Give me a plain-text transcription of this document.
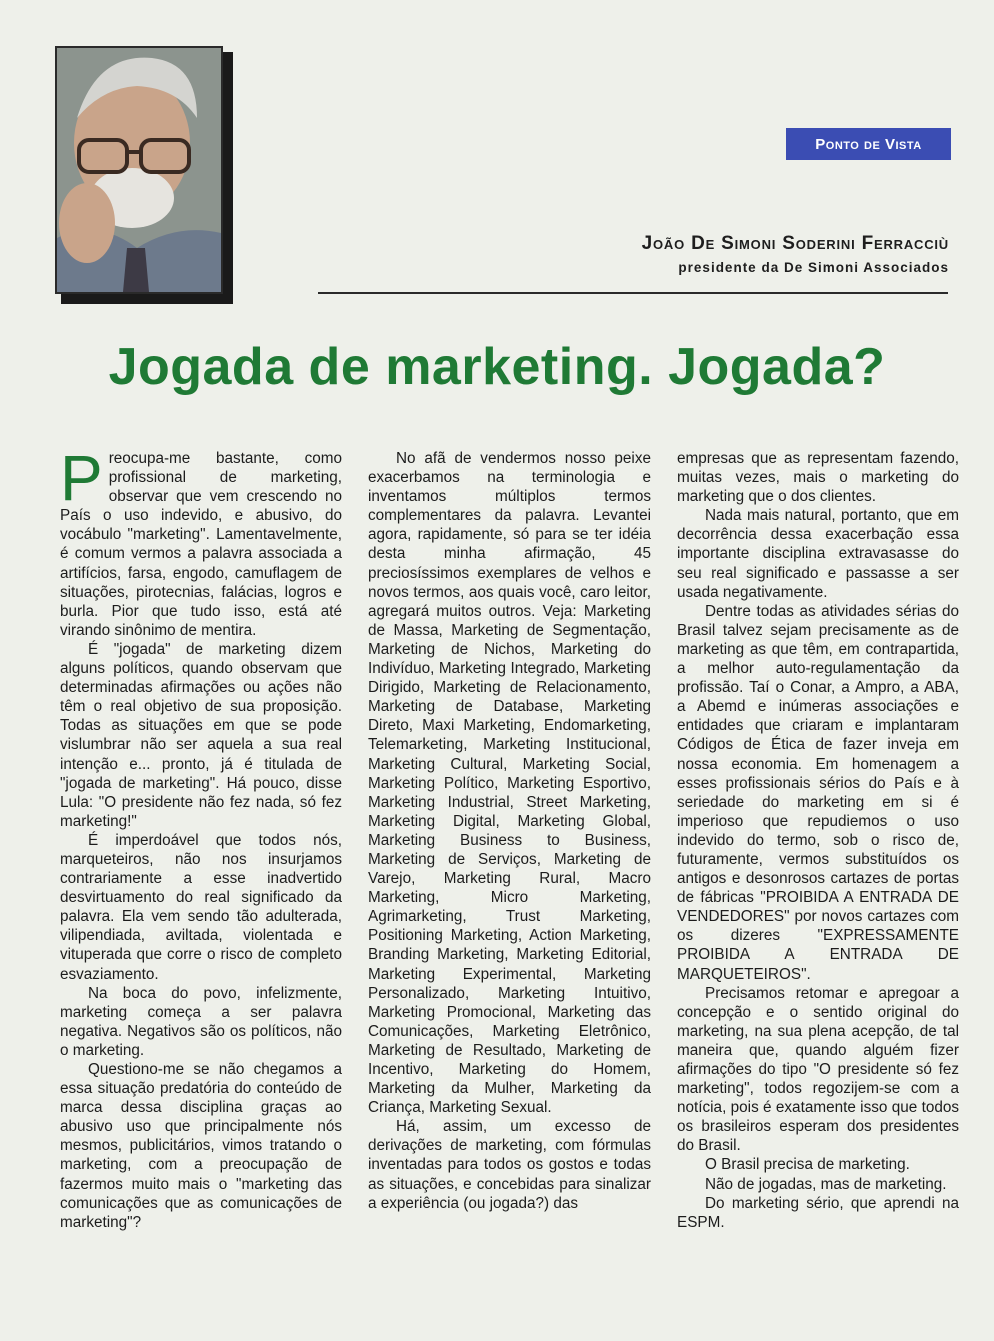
Ponto de Vista
João De Simoni Soderini Ferracciù
presidente da De Simoni Associados
Jogada de marketing. Jogada?

Preocupa-me bastante, como profissional de marketing, observar que vem crescendo no País o uso indevido, e abusivo, do vocábulo "marketing". Lamentavelmente, é comum vermos a palavra associada a artifícios, farsa, engodo, camuflagem de situações, pirotecnias, falácias, logros e burla. Pior que tudo isso, está até virando sinônimo de mentira.

É "jogada" de marketing dizem alguns políticos, quando observam que determinadas afirmações ou ações não têm o real objetivo de sua proposição. Todas as situações em que se pode vislumbrar não ser aquela a sua real intenção e... pronto, já é titulada de "jogada de marketing". Há pouco, disse Lula: "O presidente não fez nada, só fez marketing!"

É imperdoável que todos nós, marqueteiros, não nos insurjamos contrariamente a esse inadvertido desvirtuamento do real significado da palavra. Ela vem sendo tão adulterada, vilipendiada, aviltada, violentada e vituperada que corre o risco de completo esvaziamento.

Na boca do povo, infelizmente, marketing começa a ser palavra negativa. Negativos são os políticos, não o marketing.

Questiono-me se não chegamos a essa situação predatória do conteúdo de marca dessa disciplina graças ao abusivo uso que principalmente nós mesmos, publicitários, vimos tratando o marketing, com a preocupação de fazermos muito mais o "marketing das comunicações que as comunicações de marketing"?

No afã de vendermos nosso peixe exacerbamos na terminologia e inventamos múltiplos termos complementares da palavra. Levantei agora, rapidamente, só para se ter idéia desta minha afirmação, 45 preciosíssimos exemplares de velhos e novos termos, aos quais você, caro leitor, agregará muitos outros. Veja: Marketing de Massa, Marketing de Segmentação, Marketing de Nichos, Marketing do Indivíduo, Marketing Integrado, Marketing Dirigido, Marketing de Relacionamento, Marketing de Database, Marketing Direto, Maxi Marketing, Endomarketing, Telemarketing, Marketing Institucional, Marketing Cultural, Marketing Social, Marketing Político, Marketing Esportivo, Marketing Industrial, Street Marketing, Marketing Digital, Marketing Global, Marketing Business to Business, Marketing de Serviços, Marketing de Varejo, Marketing Rural, Macro Marketing, Micro Marketing, Agrimarketing, Trust Marketing, Positioning Marketing, Action Marketing, Branding Marketing, Marketing Editorial, Marketing Experimental, Marketing Personalizado, Marketing Intuitivo, Marketing Promocional, Marketing das Comunicações, Marketing Eletrônico, Marketing de Resultado, Marketing de Incentivo, Marketing do Homem, Marketing da Mulher, Marketing da Criança, Marketing Sexual.

Há, assim, um excesso de derivações de marketing, com fórmulas inventadas para todos os gostos e todas as situações, e concebidas para sinalizar a experiência (ou jogada?) das

empresas que as representam fazendo, muitas vezes, mais o marketing do marketing que o dos clientes.

Nada mais natural, portanto, que em decorrência dessa exacerbação essa importante disciplina extravasasse do seu real significado e passasse a ser usada negativamente.

Dentre todas as atividades sérias do Brasil talvez sejam precisamente as de marketing as que têm, em contrapartida, a melhor auto-regulamentação da profissão. Taí o Conar, a Ampro, a ABA, a Abemd e inúmeras associações e entidades que criaram e implantaram Códigos de Ética de fazer inveja em nossa economia. Em homenagem a esses profissionais sérios do País e à seriedade do marketing em si é imperioso que repudiemos o uso indevido do termo, sob o risco de, futuramente, vermos substituídos os antigos e desonrosos cartazes de portas de fábricas "PROIBIDA A ENTRADA DE VENDEDORES" por novos cartazes com os dizeres "EXPRESSAMENTE PROIBIDA A ENTRADA DE MARQUETEIROS".

Precisamos retomar e apregoar a concepção e o sentido original do marketing, na sua plena acepção, de tal maneira que, quando alguém fizer afirmações do tipo "O presidente só fez marketing", todos regozijem-se com a notícia, pois é exatamente isso que todos os brasileiros esperam dos presidentes do Brasil.

O Brasil precisa de marketing.

Não de jogadas, mas de marketing.

Do marketing sério, que aprendi na ESPM.
